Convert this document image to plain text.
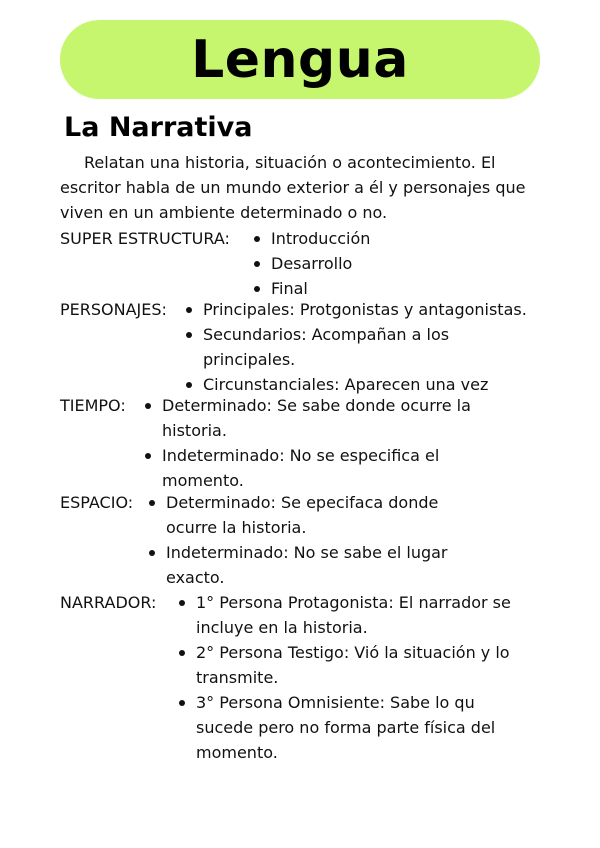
Lengua
La Narrativa

Relatan una historia, situación o acontecimiento. El escritor habla de un mundo exterior a él y personajes que viven en un ambiente determinado o no.

SUPER ESTRUCTURA:	Introducción
Desarrollo
Final
PERSONAJES:	Principales: Protgonistas y antagonistas.
Secundarios: Acompañan a los principales.
Circunstanciales: Aparecen una vez
TIEMPO:	Determinado: Se sabe donde ocurre la historia.
Indeterminado: No se especifica el momento.
ESPACIO:	Determinado: Se epecifaca donde ocurre la historia.
Indeterminado: No se sabe el lugar exacto.
NARRADOR:	1° Persona Protagonista: El narrador se incluye en la historia.
2° Persona Testigo: Vió la situación y lo transmite.
3° Persona Omnisiente: Sabe lo qu sucede pero no forma parte física del momento.
